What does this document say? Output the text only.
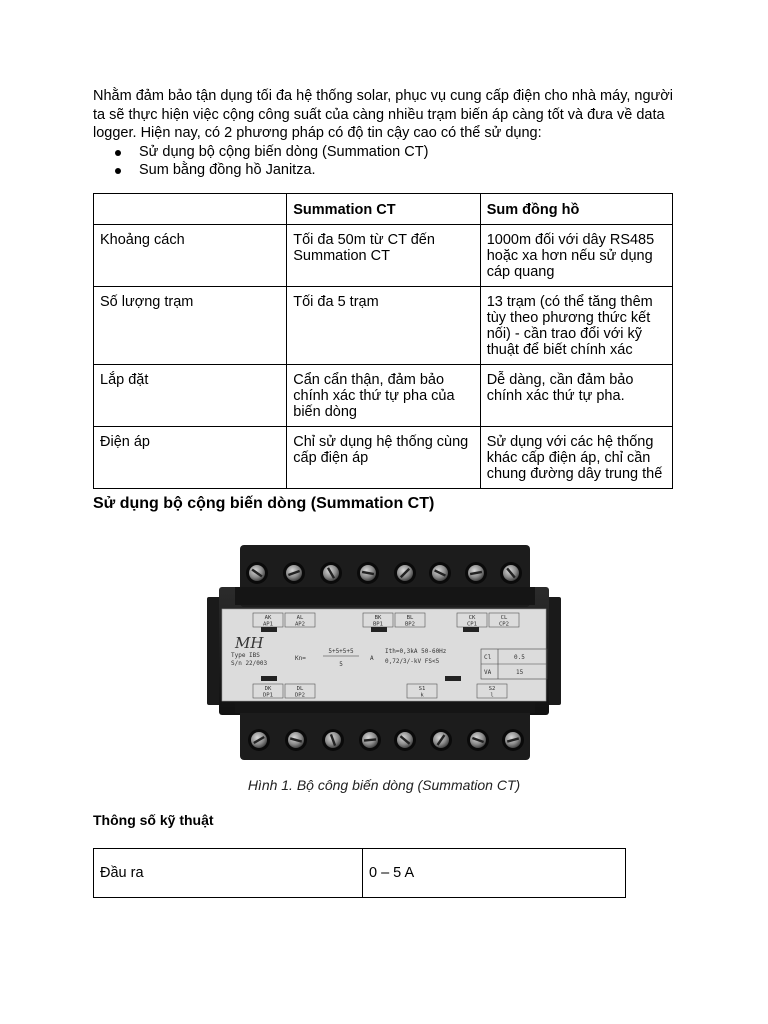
Nhằm đảm bảo tận dụng tối đa hệ thống solar, phục vụ cung cấp điện cho nhà máy, người ta sẽ thực hiện việc cộng công suất của càng nhiều trạm biến áp càng tốt và đưa về data logger. Hiện nay, có 2 phương pháp có độ tin cậy cao có thể sử dụng:

Sử dụng bộ cộng biến dòng (Summation CT)
Sum bằng đồng hồ Janitza.
	Summation CT	Sum đồng hồ
Khoảng cách	Tối đa 50m từ CT đến Summation CT	1000m đối với dây RS485 hoặc xa hơn nếu sử dụng cáp quang
Số lượng trạm	Tối đa 5 trạm	13 trạm (có thể tăng thêm tùy theo phương thức kết nối) - cần trao đổi với kỹ thuật để biết chính xác
Lắp đặt	Cẩn cẩn thận, đảm bảo chính xác thứ tự pha của biến dòng	Dễ dàng, cần đảm bảo chính xác thứ tự pha.
Điện áp	Chỉ sử dụng hệ thống cùng cấp điện áp	Sử dụng với các hệ thống khác cấp điện áp, chỉ cần chung đường dây trung thế
Sử dụng bộ cộng biến dòng (Summation CT)
AK
AP1
AL
AP2
BK
BP1
BL
BP2
CK
CP1
CL
CP2
MH
Type IBS
S/n 22/003
Kn=
5+5+5+5
5
A
Ith=0,3kA 50-60Hz
0,72/3/-kV FS<5
Cl	0.5
VA	15
DK
DP1
DL
DP2
S1
k
S2
l

Hình 1. Bộ công biến dòng (Summation CT)

Thông số kỹ thuật
Đầu ra	0 – 5 A
